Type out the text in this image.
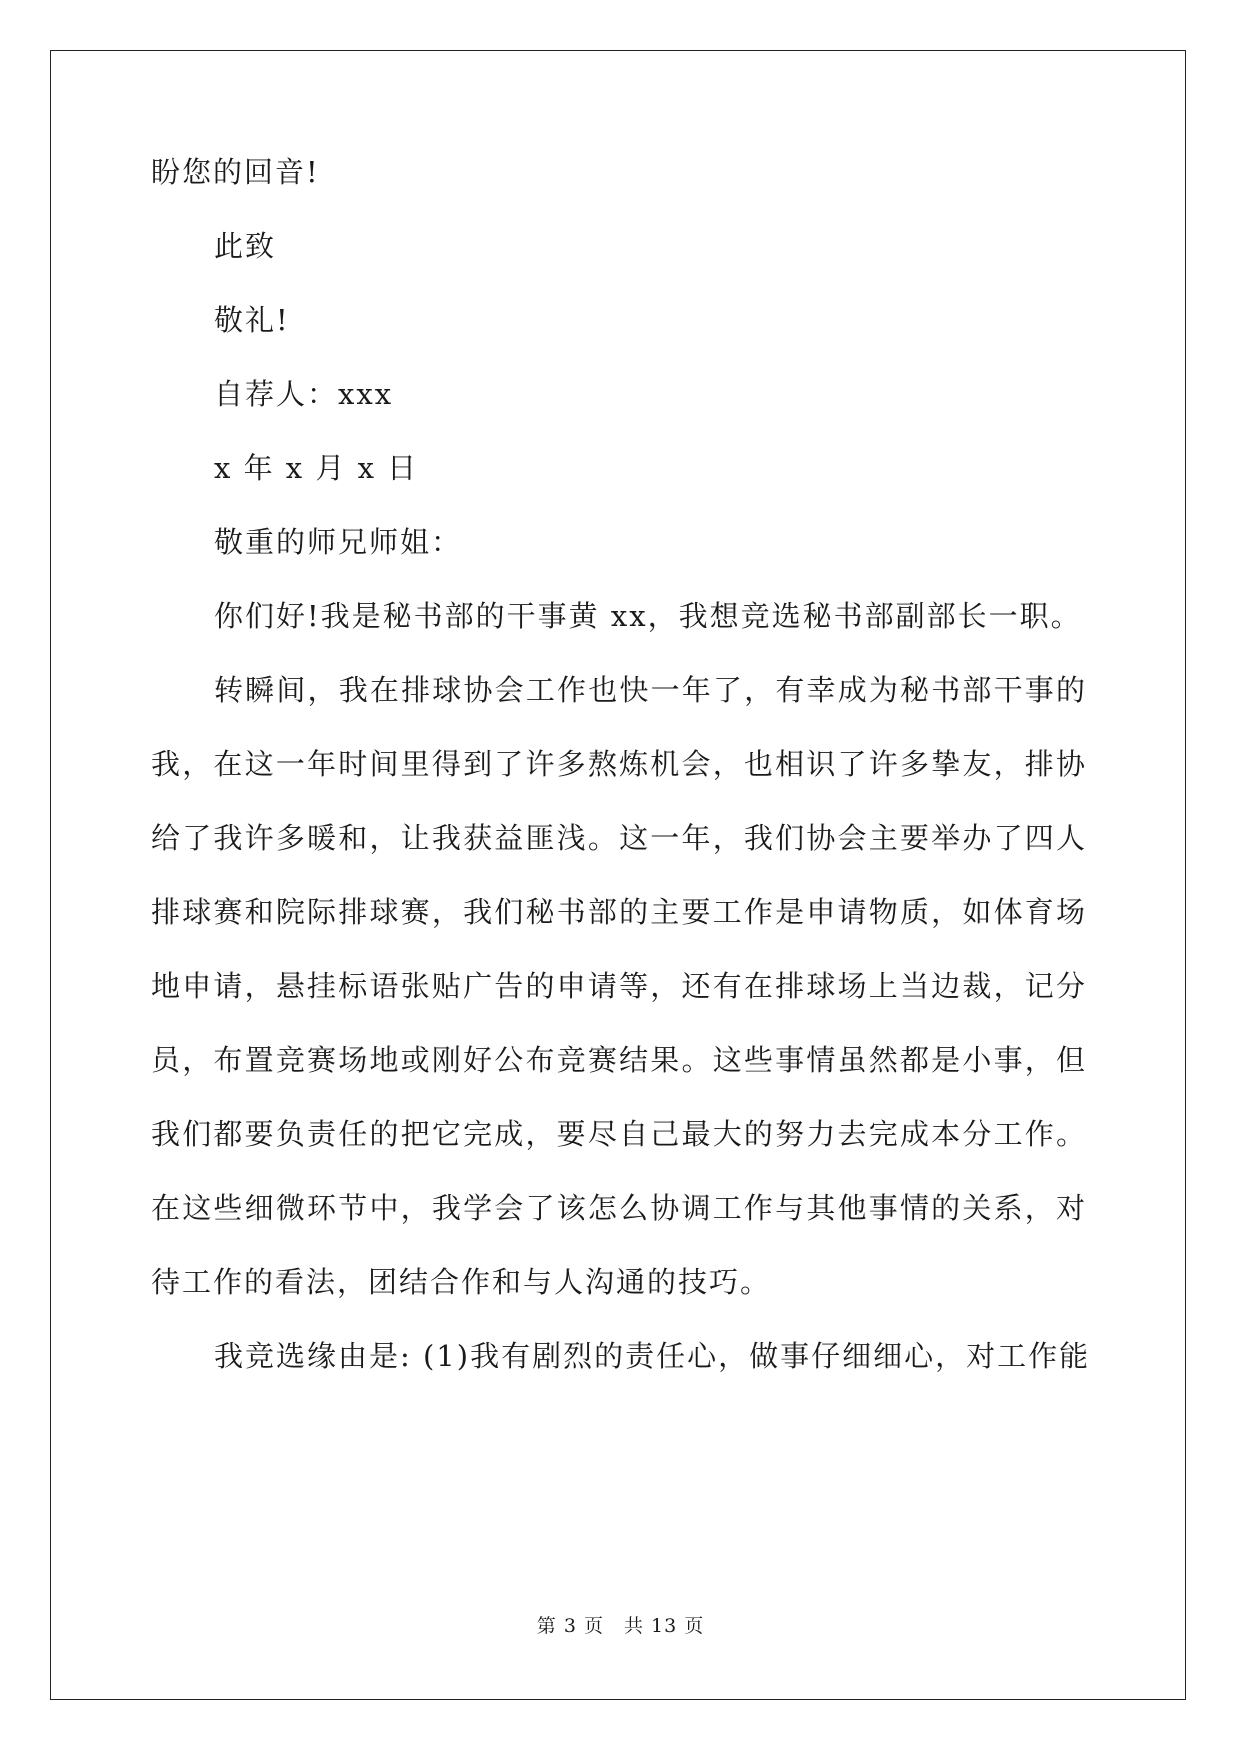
盼您的回音!
此致
敬礼!
自荐人：xxx
x 年 x 月 x 日
敬重的师兄师姐：
你们好!我是秘书部的干事黄 xx，我想竞选秘书部副部长一职。
转瞬间，我在排球协会工作也快一年了，有幸成为秘书部干事的
我，在这一年时间里得到了许多熬炼机会，也相识了许多挚友，排协
给了我许多暖和，让我获益匪浅。这一年，我们协会主要举办了四人
排球赛和院际排球赛，我们秘书部的主要工作是申请物质，如体育场
地申请，悬挂标语张贴广告的申请等，还有在排球场上当边裁，记分
员，布置竞赛场地或刚好公布竞赛结果。这些事情虽然都是小事，但
我们都要负责任的把它完成，要尽自己最大的努力去完成本分工作。
在这些细微环节中，我学会了该怎么协调工作与其他事情的关系，对
待工作的看法，团结合作和与人沟通的技巧。
我竞选缘由是: (1)我有剧烈的责任心，做事仔细细心，对工作能
第 3 页　共 13 页
